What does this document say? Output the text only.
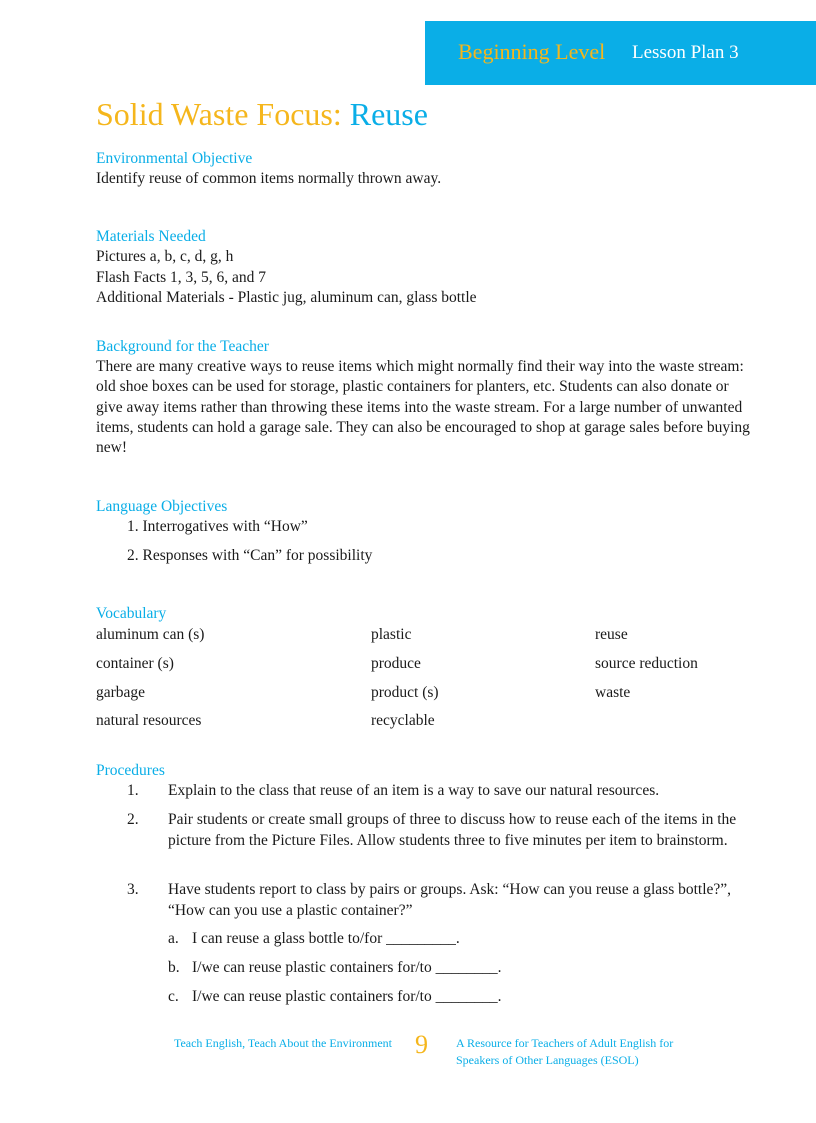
Beginning Level Lesson Plan 3
Solid Waste Focus: Reuse
Environmental Objective
Identify reuse of common items normally thrown away.
Materials Needed
Pictures a, b, c, d, g, h
Flash Facts 1, 3, 5, 6, and 7
Additional Materials - Plastic jug, aluminum can, glass bottle
Background for the Teacher
There are many creative ways to reuse items which might normally find their way into the waste stream: old shoe boxes can be used for storage, plastic containers for planters, etc. Students can also donate or give away items rather than throwing these items into the waste stream. For a large number of unwanted items, students can hold a garage sale. They can also be encouraged to shop at garage sales before buying new!
Language Objectives
1. Interrogatives with “How”
2. Responses with “Can” for possibility
Vocabulary
aluminum can (s)	plastic	reuse
container (s)	produce	source reduction
garbage	product (s)	waste
natural resources	recyclable
Procedures
1. Explain to the class that reuse of an item is a way to save our natural resources.
2. Pair students or create small groups of three to discuss how to reuse each of the items in the picture from the Picture Files. Allow students three to five minutes per item to brainstorm.
3. Have students report to class by pairs or groups. Ask: “How can you reuse a glass bottle?”, “How can you use a plastic container?”
a. I can reuse a glass bottle to/for _________.
b. I/we can reuse plastic containers for/to ________.
c. I/we can reuse plastic containers for/to ________.
Teach English, Teach About the Environment 9 A Resource for Teachers of Adult English for Speakers of Other Languages (ESOL)
